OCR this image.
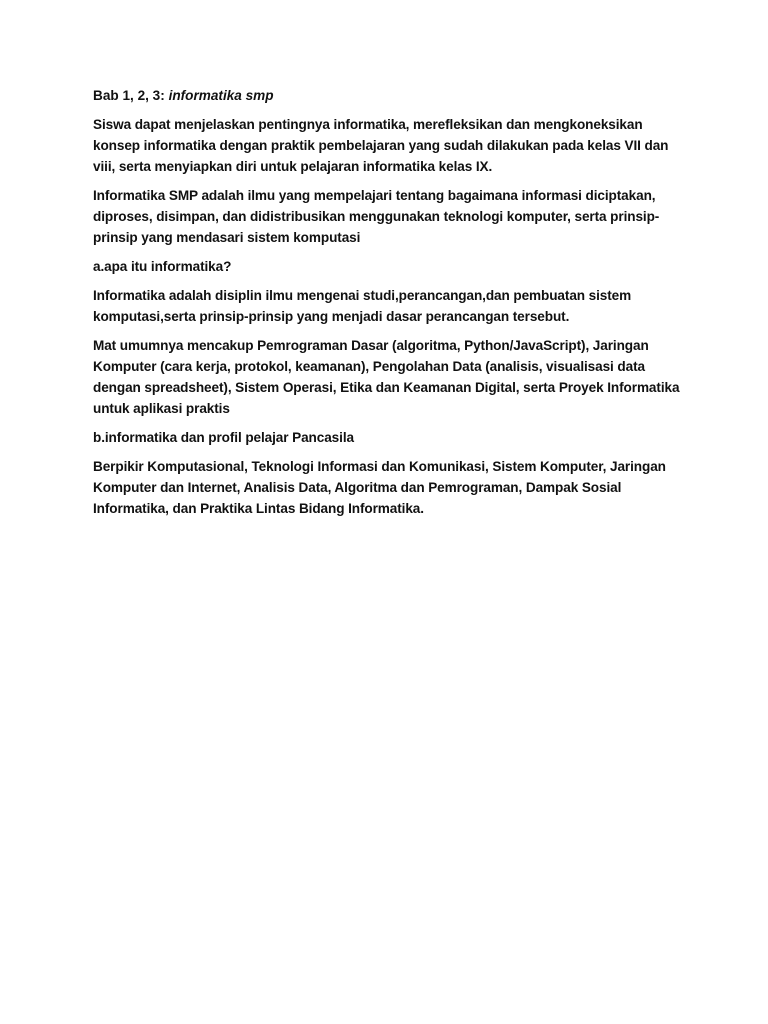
Bab 1, 2, 3: informatika smp

Siswa dapat menjelaskan pentingnya informatika, merefleksikan dan mengkoneksikan konsep informatika dengan praktik pembelajaran yang sudah dilakukan pada kelas VII dan viii, serta menyiapkan diri untuk pelajaran informatika kelas IX.

Informatika SMP adalah ilmu yang mempelajari tentang bagaimana informasi diciptakan, diproses, disimpan, dan didistribusikan menggunakan teknologi komputer, serta prinsip-prinsip yang mendasari sistem komputasi

a.apa itu informatika?

Informatika adalah disiplin ilmu mengenai studi,perancangan,dan pembuatan sistem komputasi,serta prinsip-prinsip yang menjadi dasar perancangan tersebut.

Mat umumnya mencakup Pemrograman Dasar (algoritma, Python/JavaScript), Jaringan Komputer (cara kerja, protokol, keamanan), Pengolahan Data (analisis, visualisasi data dengan spreadsheet), Sistem Operasi, Etika dan Keamanan Digital, serta Proyek Informatika untuk aplikasi praktis

b.informatika dan profil pelajar Pancasila

Berpikir Komputasional, Teknologi Informasi dan Komunikasi, Sistem Komputer, Jaringan Komputer dan Internet, Analisis Data, Algoritma dan Pemrograman, Dampak Sosial Informatika, dan Praktika Lintas Bidang Informatika.
